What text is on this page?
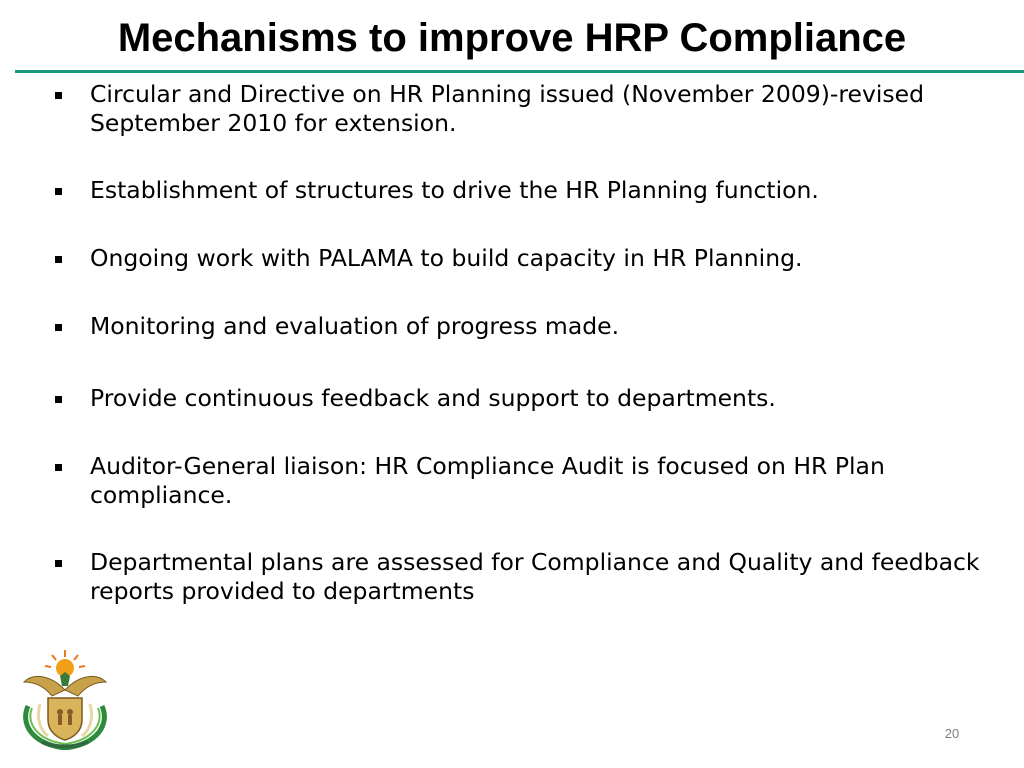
Mechanisms to improve HRP Compliance
Circular and Directive on HR Planning issued (November 2009)-revised September 2010 for extension.
Establishment of structures to drive the HR Planning function.
Ongoing work with PALAMA to build capacity in HR Planning.
Monitoring and evaluation of progress made.
Provide continuous feedback and support to departments.
Auditor-General liaison: HR Compliance Audit is focused on HR Plan compliance.
Departmental plans are assessed for Compliance and Quality and feedback reports provided to departments
20
